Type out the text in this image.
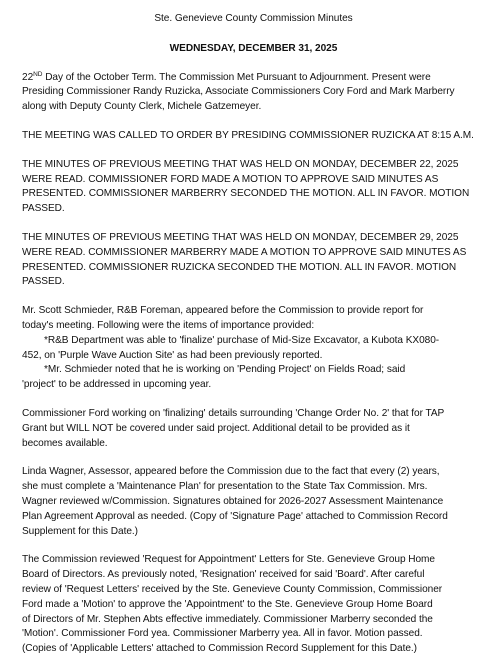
Ste. Genevieve County Commission Minutes
WEDNESDAY, DECEMBER 31, 2025
22ND Day of the October Term. The Commission Met Pursuant to Adjournment. Present were
Presiding Commissioner Randy Ruzicka, Associate Commissioners Cory Ford and Mark Marberry
along with Deputy County Clerk, Michele Gatzemeyer.
THE MEETING WAS CALLED TO ORDER BY PRESIDING COMMISSIONER RUZICKA AT 8:15 A.M.
THE MINUTES OF PREVIOUS MEETING THAT WAS HELD ON MONDAY, DECEMBER 22, 2025
WERE READ. COMMISSIONER FORD MADE A MOTION TO APPROVE SAID MINUTES AS
PRESENTED. COMMISSIONER MARBERRY SECONDED THE MOTION. ALL IN FAVOR. MOTION
PASSED.
THE MINUTES OF PREVIOUS MEETING THAT WAS HELD ON MONDAY, DECEMBER 29, 2025
WERE READ. COMMISSIONER MARBERRY MADE A MOTION TO APPROVE SAID MINUTES AS
PRESENTED. COMMISSIONER RUZICKA SECONDED THE MOTION. ALL IN FAVOR. MOTION
PASSED.
Mr. Scott Schmieder, R&B Foreman, appeared before the Commission to provide report for
today's meeting. Following were the items of importance provided:
*R&B Department was able to 'finalize' purchase of Mid-Size Excavator, a Kubota KX080-
452, on 'Purple Wave Auction Site' as had been previously reported.
*Mr. Schmieder noted that he is working on 'Pending Project' on Fields Road; said
'project' to be addressed in upcoming year.
Commissioner Ford working on 'finalizing' details surrounding 'Change Order No. 2' that for TAP
Grant but WILL NOT be covered under said project. Additional detail to be provided as it
becomes available.
Linda Wagner, Assessor, appeared before the Commission due to the fact that every (2) years,
she must complete a 'Maintenance Plan' for presentation to the State Tax Commission. Mrs.
Wagner reviewed w/Commission. Signatures obtained for 2026-2027 Assessment Maintenance
Plan Agreement Approval as needed. (Copy of 'Signature Page' attached to Commission Record
Supplement for this Date.)
The Commission reviewed 'Request for Appointment' Letters for Ste. Genevieve Group Home
Board of Directors. As previously noted, 'Resignation' received for said 'Board'. After careful
review of 'Request Letters' received by the Ste. Genevieve County Commission, Commissioner
Ford made a 'Motion' to approve the 'Appointment' to the Ste. Genevieve Group Home Board
of Directors of Mr. Stephen Abts effective immediately. Commissioner Marberry seconded the
'Motion'. Commissioner Ford yea. Commissioner Marberry yea. All in favor. Motion passed.
(Copies of 'Applicable Letters' attached to Commission Record Supplement for this Date.)
